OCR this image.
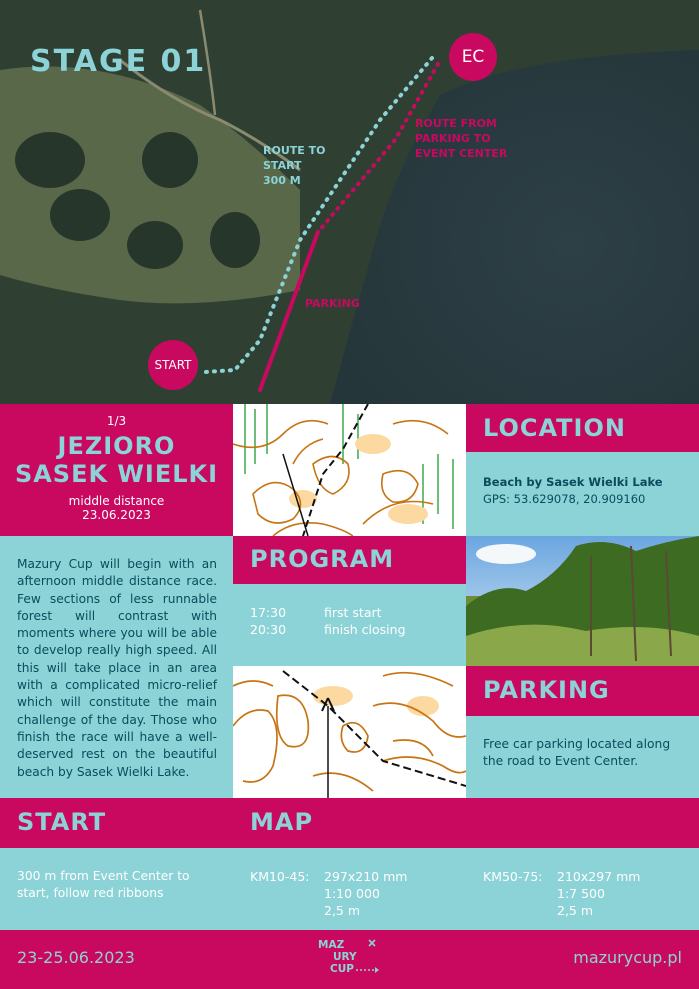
STAGE 01	EC
START
ROUTE TO
START
300 M
ROUTE FROM
PARKING TO
EVENT CENTER
PARKING
1/3
JEZIORO
SASEK WIELKI
middle distance
23.06.2023
LOCATION
Beach by Sasek Wielki Lake
GPS: 53.629078, 20.909160

Mazury Cup will begin with an afternoon middle distance race. Few sections of less runnable forest will contrast with moments where you will be able to develop really high speed. All this will take place in an area with a complicated micro-relief which will constitute the main challenge of the day. Those who finish the race will have a well-deserved rest on the beautiful beach by Sasek Wielki Lake.

PROGRAM
17:30	first start
20:30	finish closing
PARKING

Free car parking located along the road to Event Center.

START	MAP

300 m from Event Center to start, follow red ribbons

KM10-45: 297x210 mm
1:10 000
2,5 m
KM50-75: 210x297 mm
1:7 500
2,5 m
23-25.06.2023
MAZ
URY
CUP
mazurycup.pl
